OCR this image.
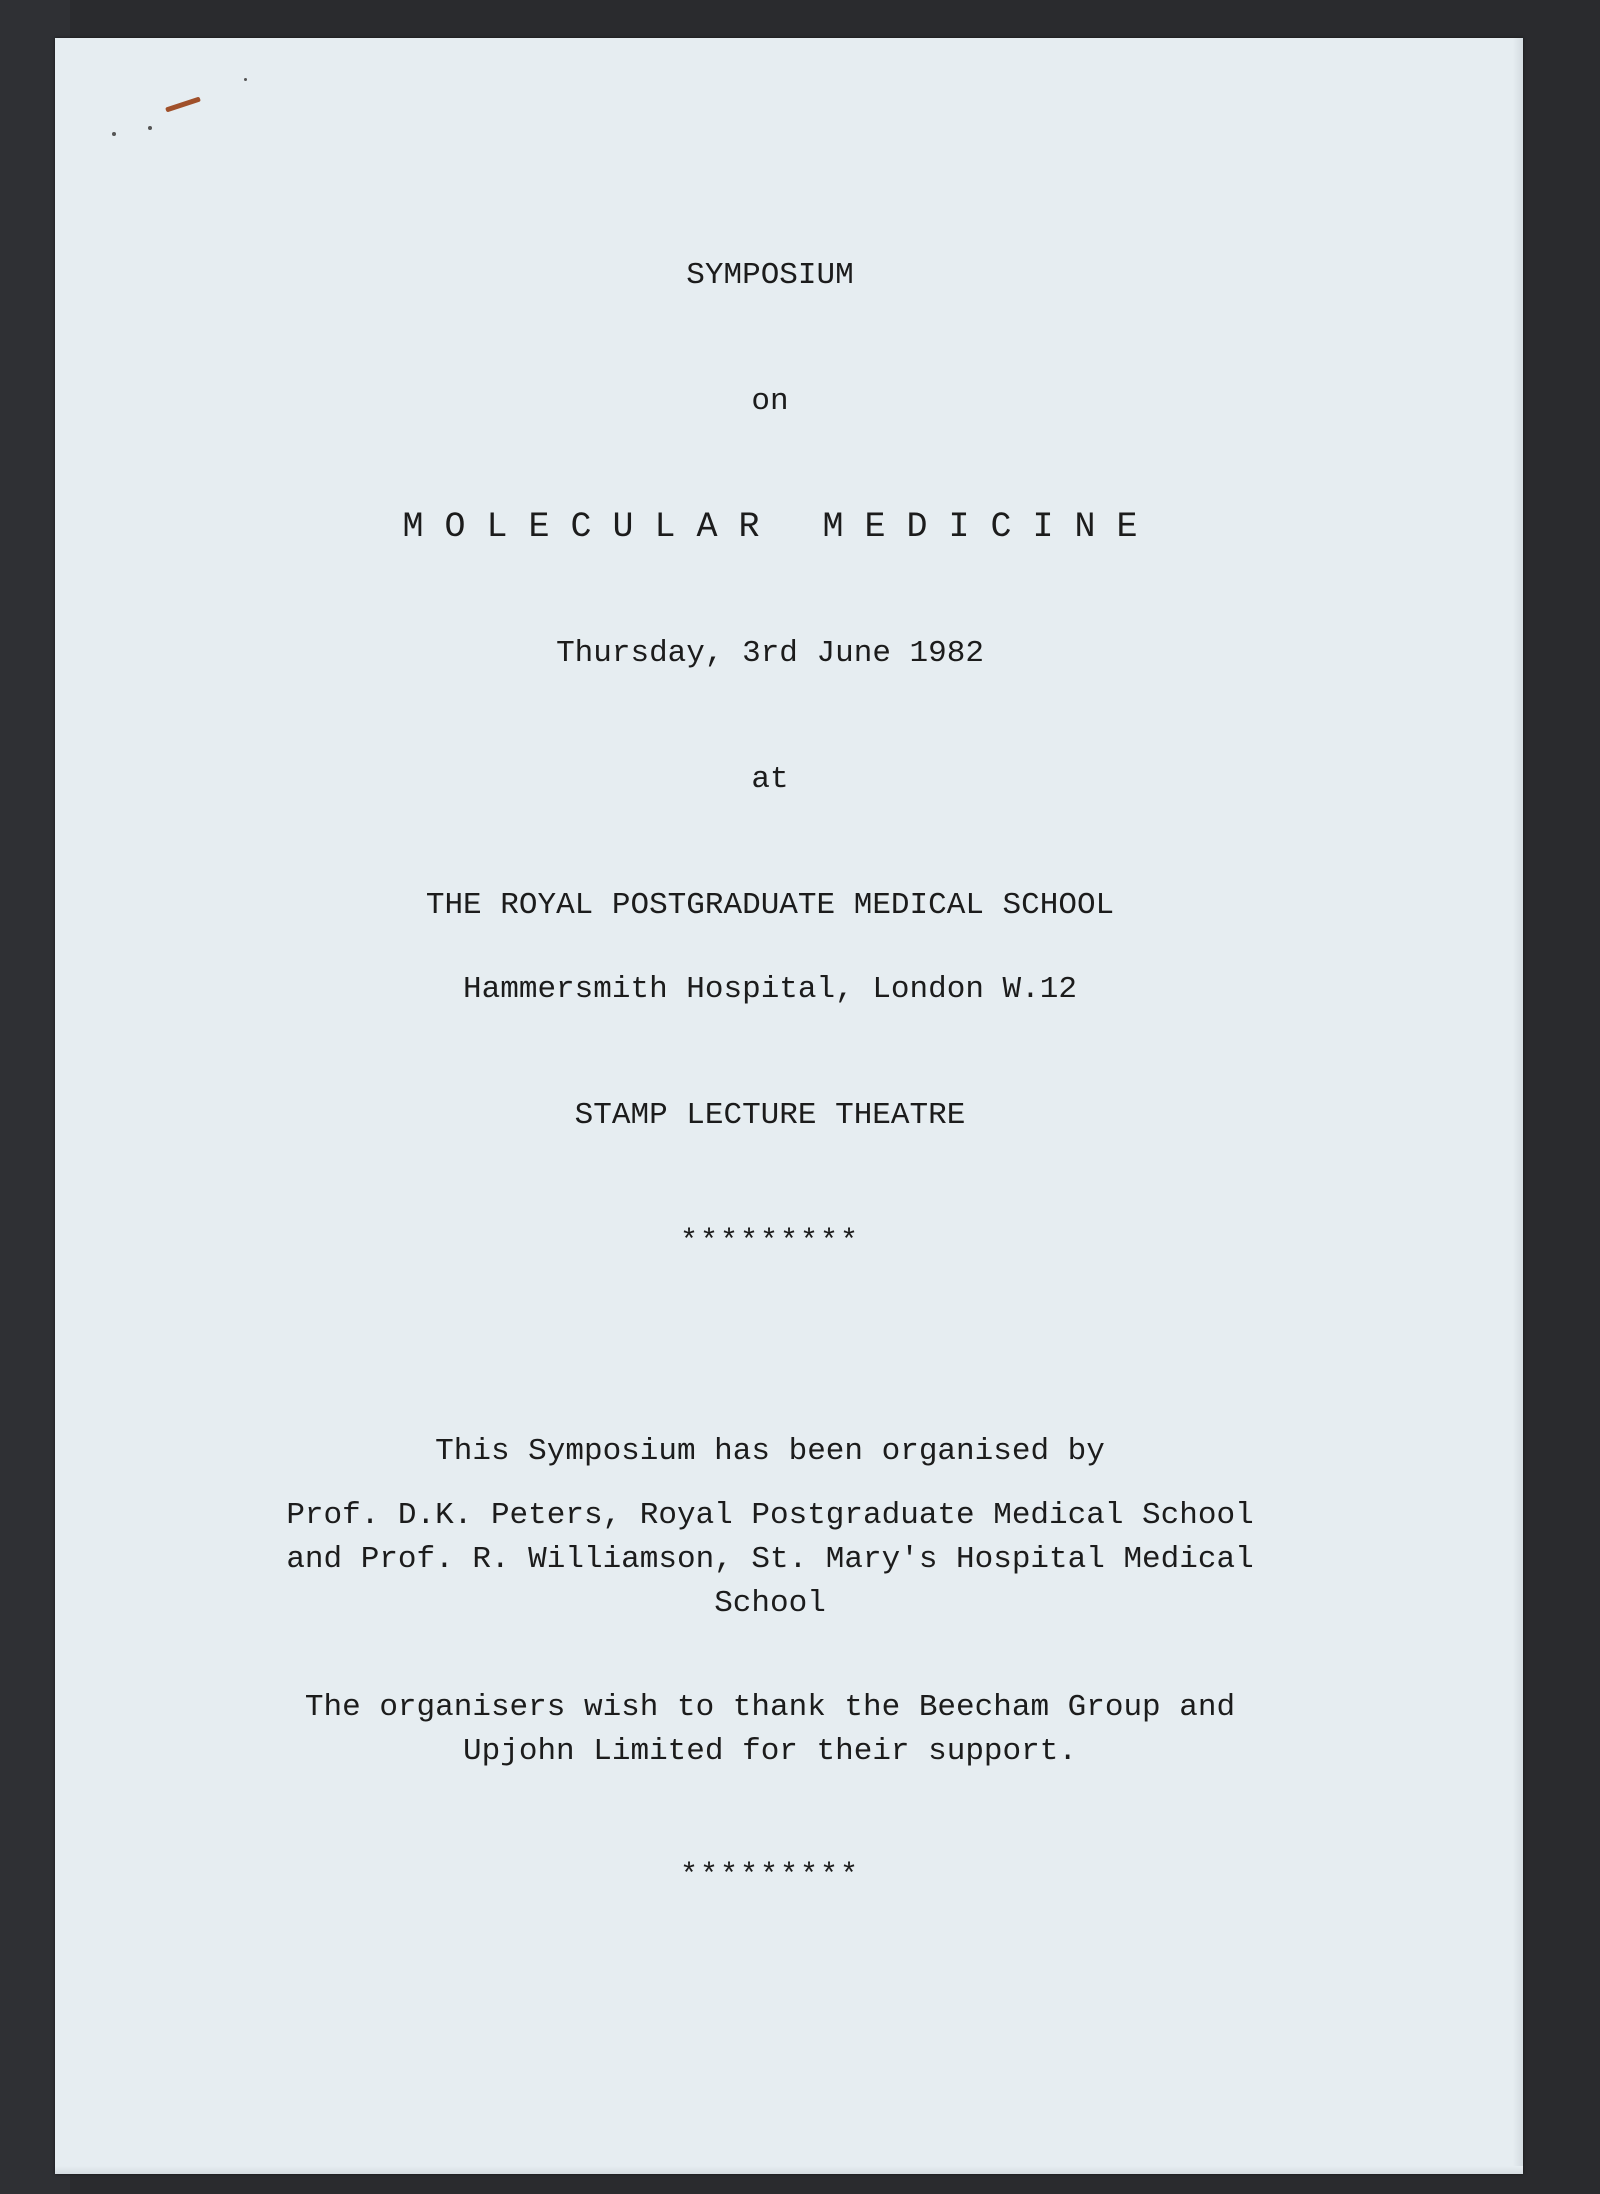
SYMPOSIUM
on
M O L E C U L A R   M E D I C I N E
Thursday, 3rd June 1982
at
THE ROYAL POSTGRADUATE MEDICAL SCHOOL
Hammersmith Hospital, London W.12
STAMP LECTURE THEATRE
*********
This Symposium has been organised by
Prof. D.K. Peters, Royal Postgraduate Medical School
and Prof. R. Williamson, St. Mary's Hospital Medical
School
The organisers wish to thank the Beecham Group and
Upjohn Limited for their support.
*********
